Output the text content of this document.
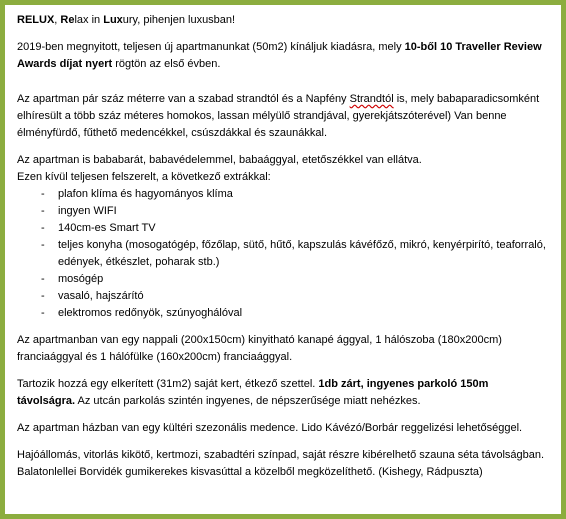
RELUX, Relax in Luxury, pihenjen luxusban!

2019-ben megnyitott, teljesen új apartmanunkat (50m2) kínáljuk kiadásra, mely 10-ből 10 Traveller Review Awards díjat nyert rögtön az első évben.

Az apartman pár száz méterre van a szabad strandtól és a Napfény Strandtól is, mely babaparadicsomként elhíresült a több száz méteres homokos, lassan mélyülő strandjával, gyerekjátszóterével) Van benne élményfürdő, fűthető medencékkel, csúszdákkal és szaunákkal.

Az apartman is bababarát, babavédelemmel, babaággyal, etetőszékkel van ellátva.
Ezen kívül teljesen felszerelt, a következő extrákkal:

- plafon klíma és hagyományos klíma
- ingyen WIFI
- 140cm-es Smart TV
- teljes konyha (mosogatógép, főzőlap, sütő, hűtő, kapszulás kávéfőző, mikró, kenyérpirító, teaforraló, edények, étkészlet, poharak stb.)
- mosógép
- vasaló, hajszárító
- elektromos redőnyök, szúnyoghálóval

Az apartmanban van egy nappali (200x150cm) kinyitható kanapé ággyal, 1 hálószoba (180x200cm) franciaággyal és 1 hálófülke (160x200cm) franciaággyal.

Tartozik hozzá egy elkerített (31m2) saját kert, étkező szettel. 1db zárt, ingyenes parkoló 150m távolságra. Az utcán parkolás szintén ingyenes, de népszerűsége miatt nehézkes.

Az apartman házban van egy kültéri szezonális medence. Lido Kávézó/Borbár reggelizési lehetőséggel.

Hajóállomás, vitorlás kikötő, kertmozi, szabadtéri színpad, saját részre kibérelhető szauna séta távolságban. Balatonlellei Borvidék gumikerekes kisvasúttal a közelből megközelíthető. (Kishegy, Rádpuszta)
